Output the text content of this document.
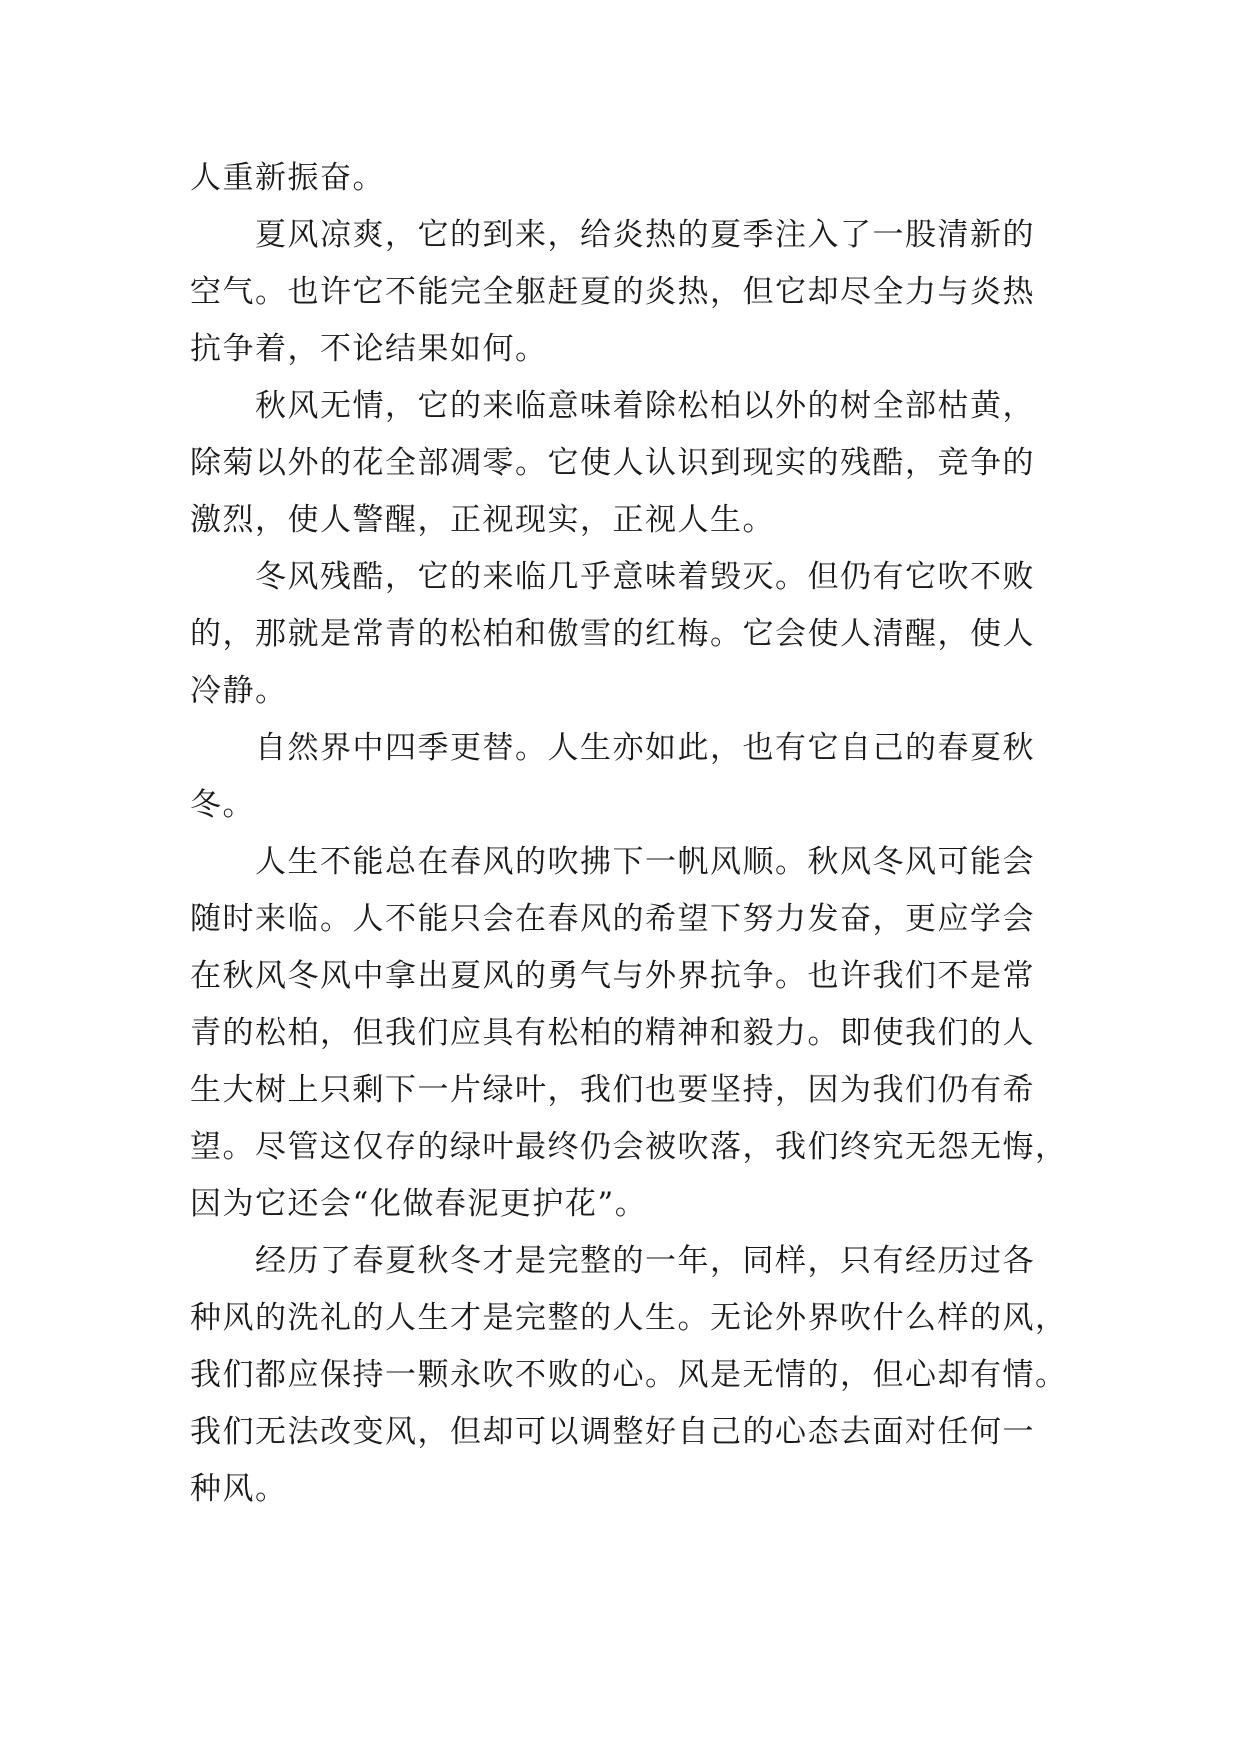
人重新振奋。
夏风凉爽，它的到来，给炎热的夏季注入了一股清新的
空气。也许它不能完全躯赶夏的炎热，但它却尽全力与炎热
抗争着，不论结果如何。
秋风无情，它的来临意味着除松柏以外的树全部枯黄，
除菊以外的花全部凋零。它使人认识到现实的残酷，竞争的
激烈，使人警醒，正视现实，正视人生。
冬风残酷，它的来临几乎意味着毁灭。但仍有它吹不败
的，那就是常青的松柏和傲雪的红梅。它会使人清醒，使人
冷静。
自然界中四季更替。人生亦如此，也有它自己的春夏秋
冬。
人生不能总在春风的吹拂下一帆风顺。秋风冬风可能会
随时来临。人不能只会在春风的希望下努力发奋，更应学会
在秋风冬风中拿出夏风的勇气与外界抗争。也许我们不是常
青的松柏，但我们应具有松柏的精神和毅力。即使我们的人
生大树上只剩下一片绿叶，我们也要坚持，因为我们仍有希
望。尽管这仅存的绿叶最终仍会被吹落，我们终究无怨无悔，
因为它还会“化做春泥更护花”。
经历了春夏秋冬才是完整的一年，同样，只有经历过各
种风的洗礼的人生才是完整的人生。无论外界吹什么样的风，
我们都应保持一颗永吹不败的心。风是无情的，但心却有情。
我们无法改变风，但却可以调整好自己的心态去面对任何一
种风。
